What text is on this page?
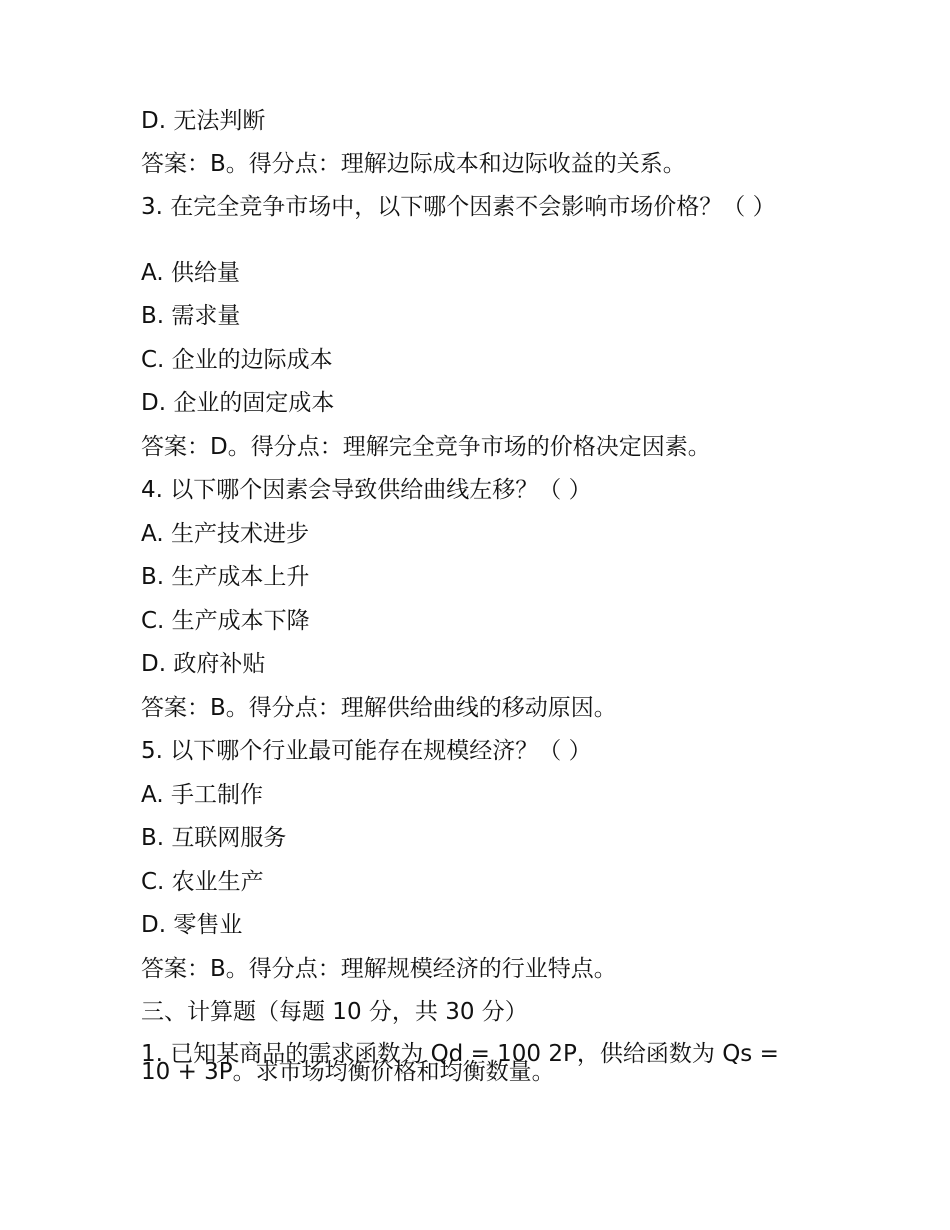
D. 无法判断
答案：B。得分点：理解边际成本和边际收益的关系。
3. 在完全竞争市场中，以下哪个因素不会影响市场价格？（ ）
A. 供给量
B. 需求量
C. 企业的边际成本
D. 企业的固定成本
答案：D。得分点：理解完全竞争市场的价格决定因素。
4. 以下哪个因素会导致供给曲线左移？（ ）
A. 生产技术进步
B. 生产成本上升
C. 生产成本下降
D. 政府补贴
答案：B。得分点：理解供给曲线的移动原因。
5. 以下哪个行业最可能存在规模经济？（ ）
A. 手工制作
B. 互联网服务
C. 农业生产
D. 零售业
答案：B。得分点：理解规模经济的行业特点。
三、计算题（每题 10 分，共 30 分）
1. 已知某商品的需求函数为 Qd = 100 2P，供给函数为 Qs = 10 + 3P。求市场均衡价格和均衡数量。
